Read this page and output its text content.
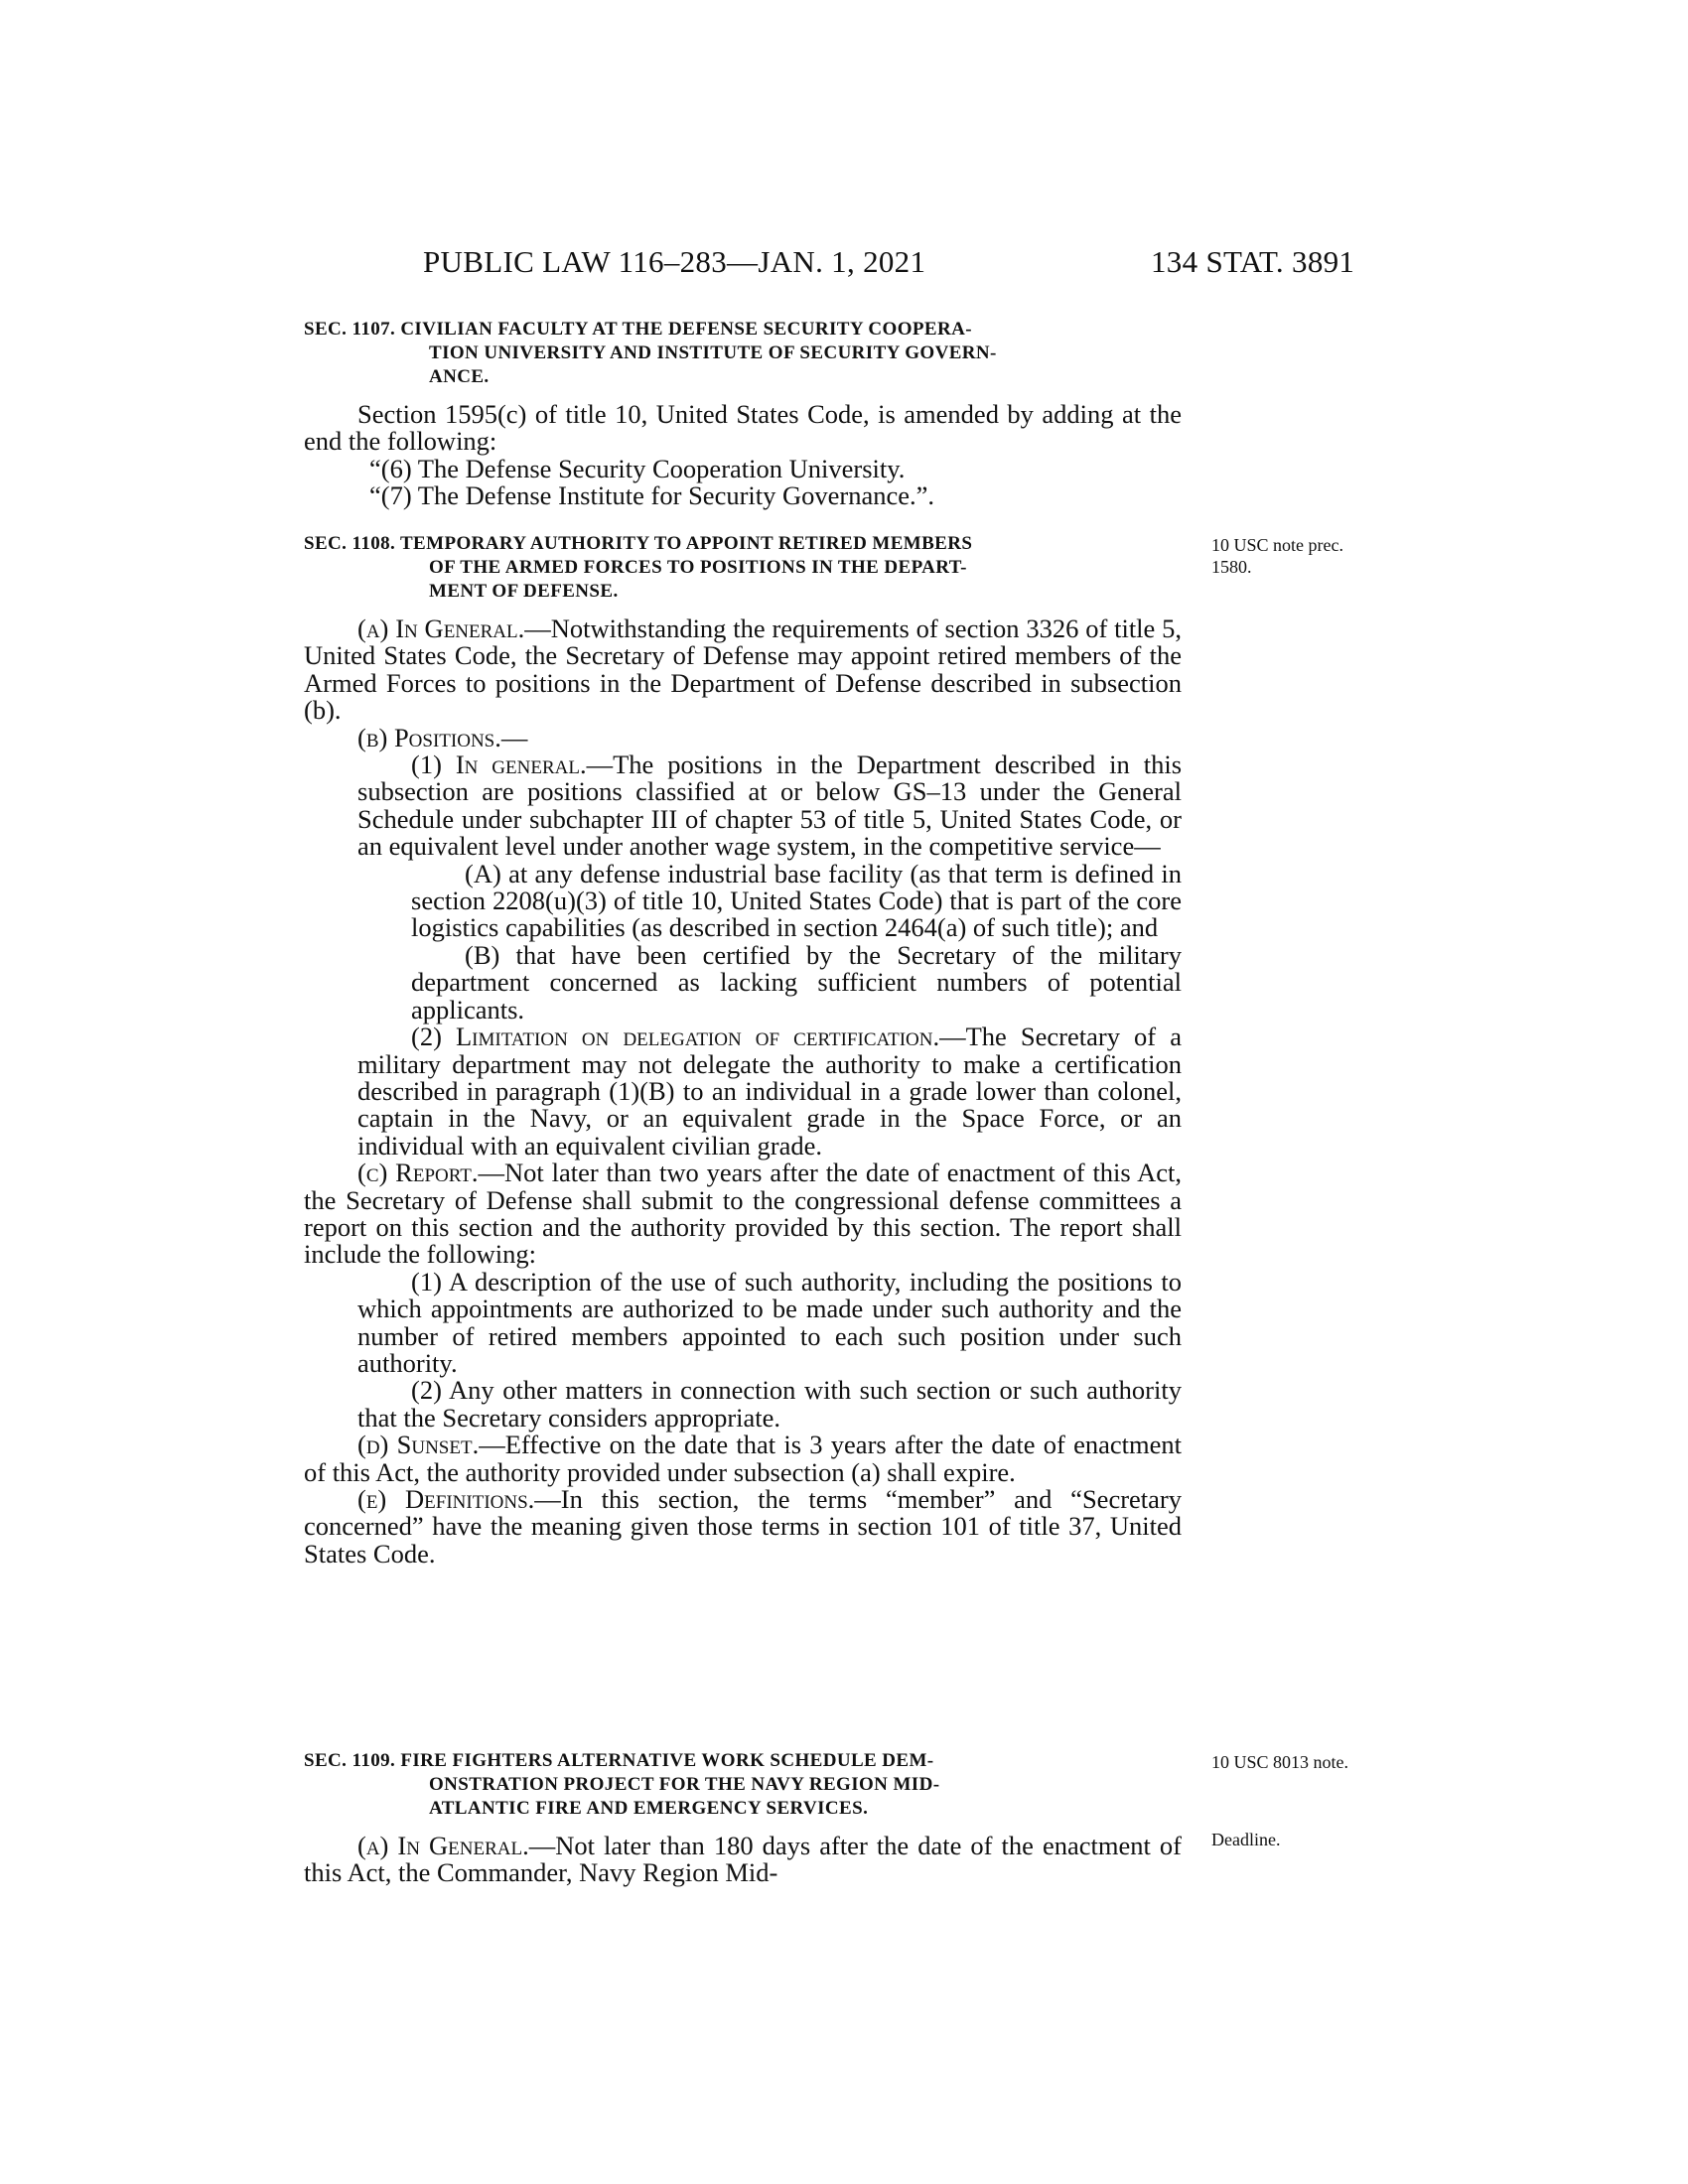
PUBLIC LAW 116–283—JAN. 1, 2021	134 STAT. 3891
SEC. 1107. CIVILIAN FACULTY AT THE DEFENSE SECURITY COOPERA-
TION UNIVERSITY AND INSTITUTE OF SECURITY GOVERN-
ANCE.

Section 1595(c) of title 10, United States Code, is amended by adding at the end the following:

“(6) The Defense Security Cooperation University.

“(7) The Defense Institute for Security Governance.”.

SEC. 1108. TEMPORARY AUTHORITY TO APPOINT RETIRED MEMBERS
OF THE ARMED FORCES TO POSITIONS IN THE DEPART-
MENT OF DEFENSE.

(a) In General.—Notwithstanding the requirements of section 3326 of title 5, United States Code, the Secretary of Defense may appoint retired members of the Armed Forces to positions in the Department of Defense described in subsection (b).

(b) Positions.—

(1) In general.—The positions in the Department described in this subsection are positions classified at or below GS–13 under the General Schedule under subchapter III of chapter 53 of title 5, United States Code, or an equivalent level under another wage system, in the competitive service—

(A) at any defense industrial base facility (as that term is defined in section 2208(u)(3) of title 10, United States Code) that is part of the core logistics capabilities (as described in section 2464(a) of such title); and

(B) that have been certified by the Secretary of the military department concerned as lacking sufficient numbers of potential applicants.

(2) Limitation on delegation of certification.—The Secretary of a military department may not delegate the authority to make a certification described in paragraph (1)(B) to an individual in a grade lower than colonel, captain in the Navy, or an equivalent grade in the Space Force, or an individual with an equivalent civilian grade.

(c) Report.—Not later than two years after the date of enactment of this Act, the Secretary of Defense shall submit to the congressional defense committees a report on this section and the authority provided by this section. The report shall include the following:

(1) A description of the use of such authority, including the positions to which appointments are authorized to be made under such authority and the number of retired members appointed to each such position under such authority.

(2) Any other matters in connection with such section or such authority that the Secretary considers appropriate.

(d) Sunset.—Effective on the date that is 3 years after the date of enactment of this Act, the authority provided under subsection (a) shall expire.

(e) Definitions.—In this section, the terms “member” and “Secretary concerned” have the meaning given those terms in section 101 of title 37, United States Code.

10 USC note prec. 1580.
SEC. 1109. FIRE FIGHTERS ALTERNATIVE WORK SCHEDULE DEM-
ONSTRATION PROJECT FOR THE NAVY REGION MID-
ATLANTIC FIRE AND EMERGENCY SERVICES.

(a) In General.—Not later than 180 days after the date of the enactment of this Act, the Commander, Navy Region Mid-

10 USC 8013 note.
Deadline.
